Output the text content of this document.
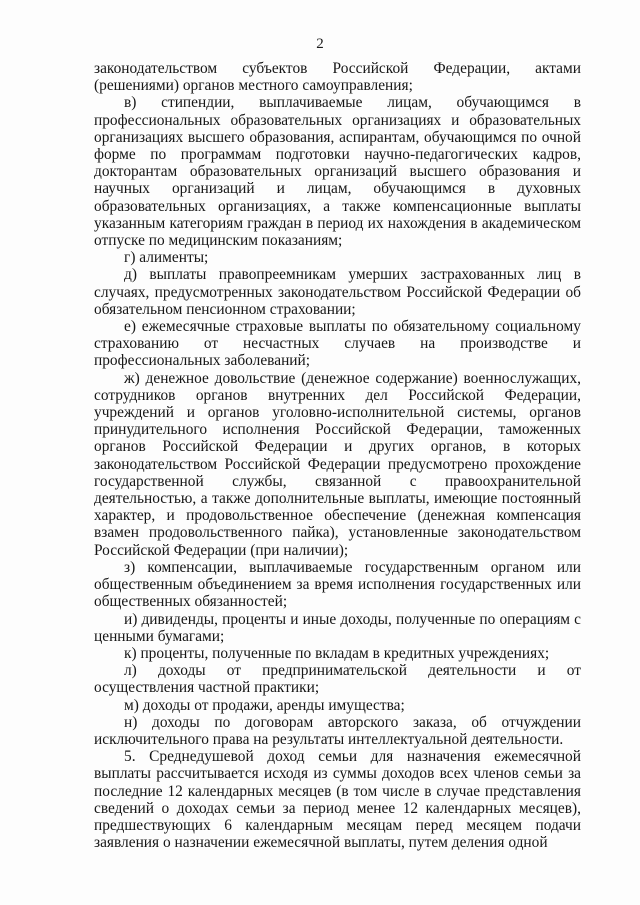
2

законодательством субъектов Российской Федерации, актами (решениями) органов местного самоуправления;

в) стипендии, выплачиваемые лицам, обучающимся в профессиональных образовательных организациях и образовательных организациях высшего образования, аспирантам, обучающимся по очной форме по программам подготовки научно-педагогических кадров, докторантам образовательных организаций высшего образования и научных организаций и лицам, обучающимся в духовных образовательных организациях, а также компенсационные выплаты указанным категориям граждан в период их нахождения в академическом отпуске по медицинским показаниям;

г) алименты;

д) выплаты правопреемникам умерших застрахованных лиц в случаях, предусмотренных законодательством Российской Федерации об обязательном пенсионном страховании;

е) ежемесячные страховые выплаты по обязательному социальному страхованию от несчастных случаев на производстве и профессиональных заболеваний;

ж) денежное довольствие (денежное содержание) военнослужащих, сотрудников органов внутренних дел Российской Федерации, учреждений и органов уголовно-исполнительной системы, органов принудительного исполнения Российской Федерации, таможенных органов Российской Федерации и других органов, в которых законодательством Российской Федерации предусмотрено прохождение государственной службы, связанной с правоохранительной деятельностью, а также дополнительные выплаты, имеющие постоянный характер, и продовольственное обеспечение (денежная компенсация взамен продовольственного пайка), установленные законодательством Российской Федерации (при наличии);

з) компенсации, выплачиваемые государственным органом или общественным объединением за время исполнения государственных или общественных обязанностей;

и) дивиденды, проценты и иные доходы, полученные по операциям с ценными бумагами;

к) проценты, полученные по вкладам в кредитных учреждениях;

л) доходы от предпринимательской деятельности и от осуществления частной практики;

м) доходы от продажи, аренды имущества;

н) доходы по договорам авторского заказа, об отчуждении исключительного права на результаты интеллектуальной деятельности.

5. Среднедушевой доход семьи для назначения ежемесячной выплаты рассчитывается исходя из суммы доходов всех членов семьи за последние 12 календарных месяцев (в том числе в случае представления сведений о доходах семьи за период менее 12 календарных месяцев), предшествующих 6 календарным месяцам перед месяцем подачи заявления о назначении ежемесячной выплаты, путем деления одной
